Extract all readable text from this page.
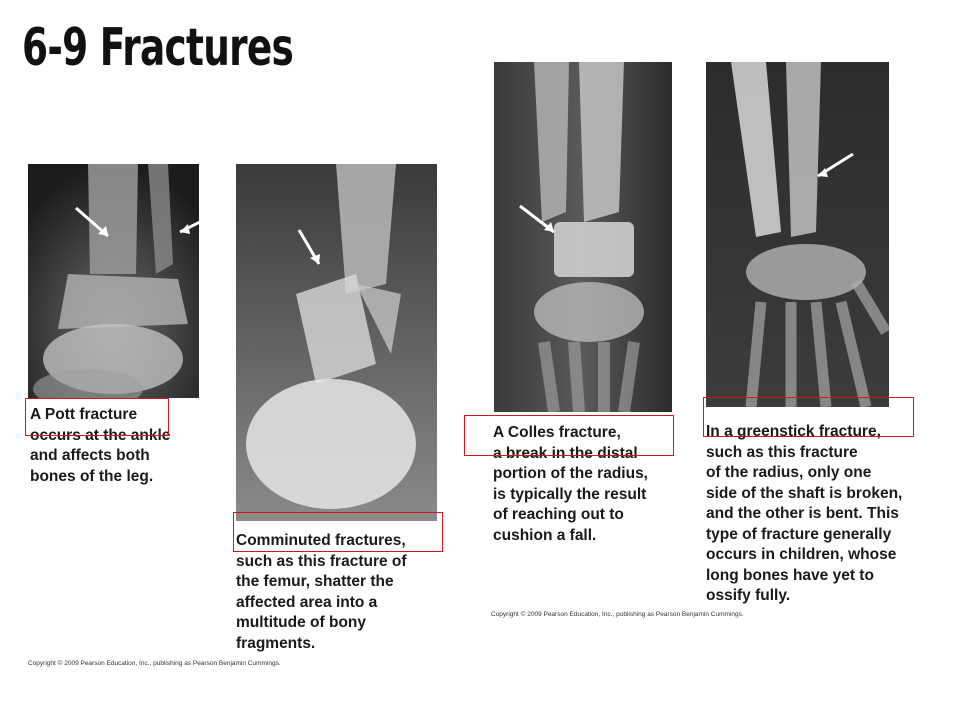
6-9 Fractures
A Pott fracture
occurs at the ankle
and affects both
bones of the leg.
Comminuted fractures,
such as this fracture of
the femur, shatter the
affected area into a
multitude of bony
fragments.
A Colles fracture,
a break in the distal
portion of the radius,
is typically the result
of reaching out to
cushion a fall.
In a greenstick fracture,
such as this fracture
of the radius, only one
side of the shaft is broken,
and the other is bent. This
type of fracture generally
occurs in children, whose
long bones have yet to
ossify fully.
Copyright © 2009 Pearson Education, Inc., publishing as Pearson Benjamin Cummings.
Copyright © 2009 Pearson Education, Inc., publishing as Pearson Benjamin Cummings.
